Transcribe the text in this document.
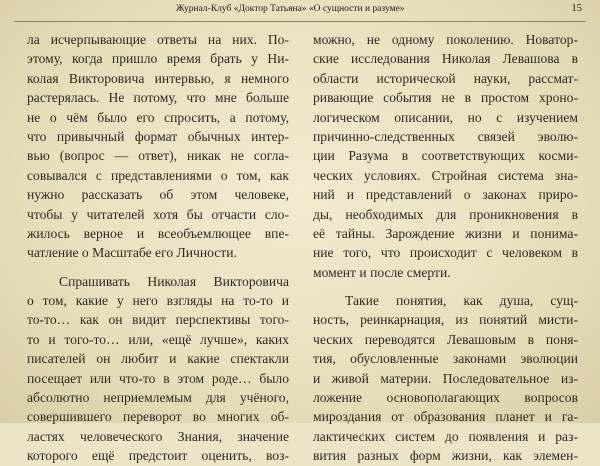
Журнал-Клуб «Доктор Татьяна» «О сущности и разуме»	15
ла исчерпывающие ответы на них. По-
этому, когда пришло время брать у Ни-
колая Викторовича интервью, я немного
растерялась. Не потому, что мне больше
не о чём было его спросить, а потому,
что привычный формат обычных интер-
вью (вопрос — ответ), никак не согла-
совывался с представлениями о том, как
нужно рассказать об этом человеке,
чтобы у читателей хотя бы отчасти сло-
жилось верное и всеобъемлющее впе-
чатление о Масштабе его Личности.
Спрашивать Николая Викторовича
о том, какие у него взгляды на то-то и
то-то… как он видит перспективы того-
то и того-то… или, «ещё лучше», каких
писателей он любит и какие спектакли
посещает или что-то в этом роде… было
абсолютно неприемлемым для учёного,
совершившего переворот во многих об-
ластях человеческого Знания, значение
которого ещё предстоит оценить, воз-
можно, не одному поколению. Новатор-
ские исследования Николая Левашова в
области исторической науки, рассмат-
ривающие события не в простом хроно-
логическом описании, но с изучением
причинно-следственных связей эволю-
ции Разума в соответствующих косми-
ческих условиях. Стройная система зна-
ний и представлений о законах приро-
ды, необходимых для проникновения в
её тайны. Зарождение жизни и понима-
ние того, что происходит с человеком в
момент и после смерти.
Такие понятия, как душа, сущ-
ность, реинкарнация, из понятий мисти-
ческих переводятся Левашовым в поня-
тия, обусловленные законами эволюции
и живой материи. Последовательное из-
ложение основополагающих вопросов
мироздания от образования планет и га-
лактических систем до появления и раз-
вития разных форм жизни, как элемен-
